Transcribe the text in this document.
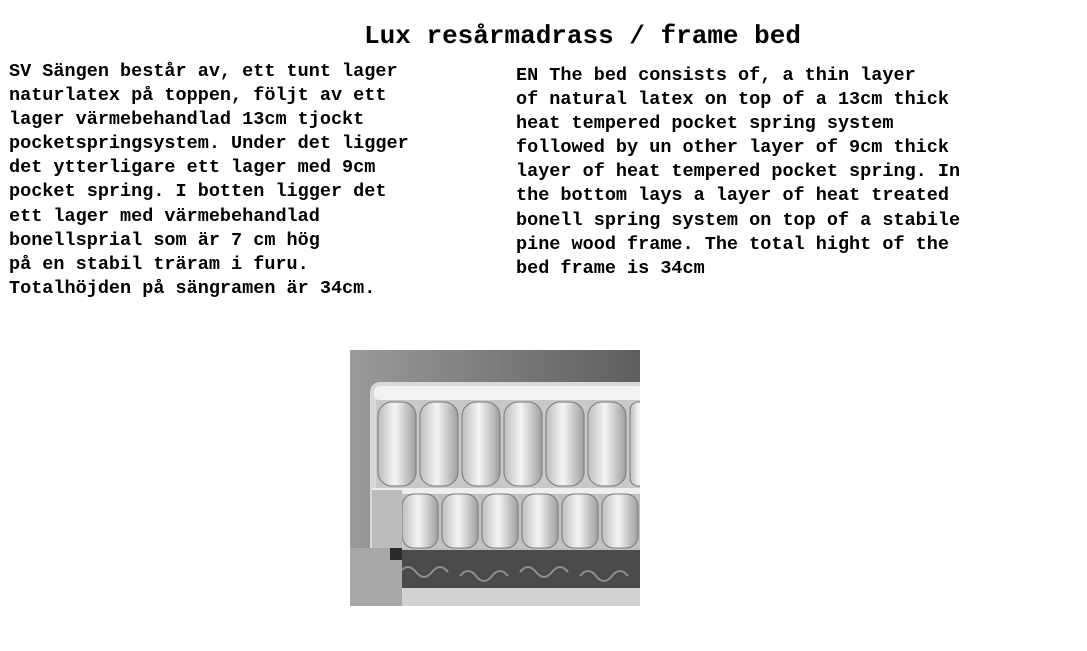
Lux resårmadrass / frame bed
SV Sängen består av, ett tunt lager
naturlatex på toppen, följt av ett
lager värmebehandlad 13cm tjockt
pocketspringsystem. Under det ligger
det ytterligare ett lager med 9cm
pocket spring. I botten ligger det
ett lager med värmebehandlad
bonellsprial som är 7 cm hög
på en stabil träram i furu.
Totalhöjden på sängramen är 34cm.
EN The bed consists of, a thin layer
of natural latex on top of a 13cm thick
heat tempered pocket spring system
followed by un other layer of 9cm thick
layer of heat tempered pocket spring. In
the bottom lays a layer of heat treated
bonell spring system on top of a stabile
pine wood frame. The total hight of the
bed frame is 34cm
